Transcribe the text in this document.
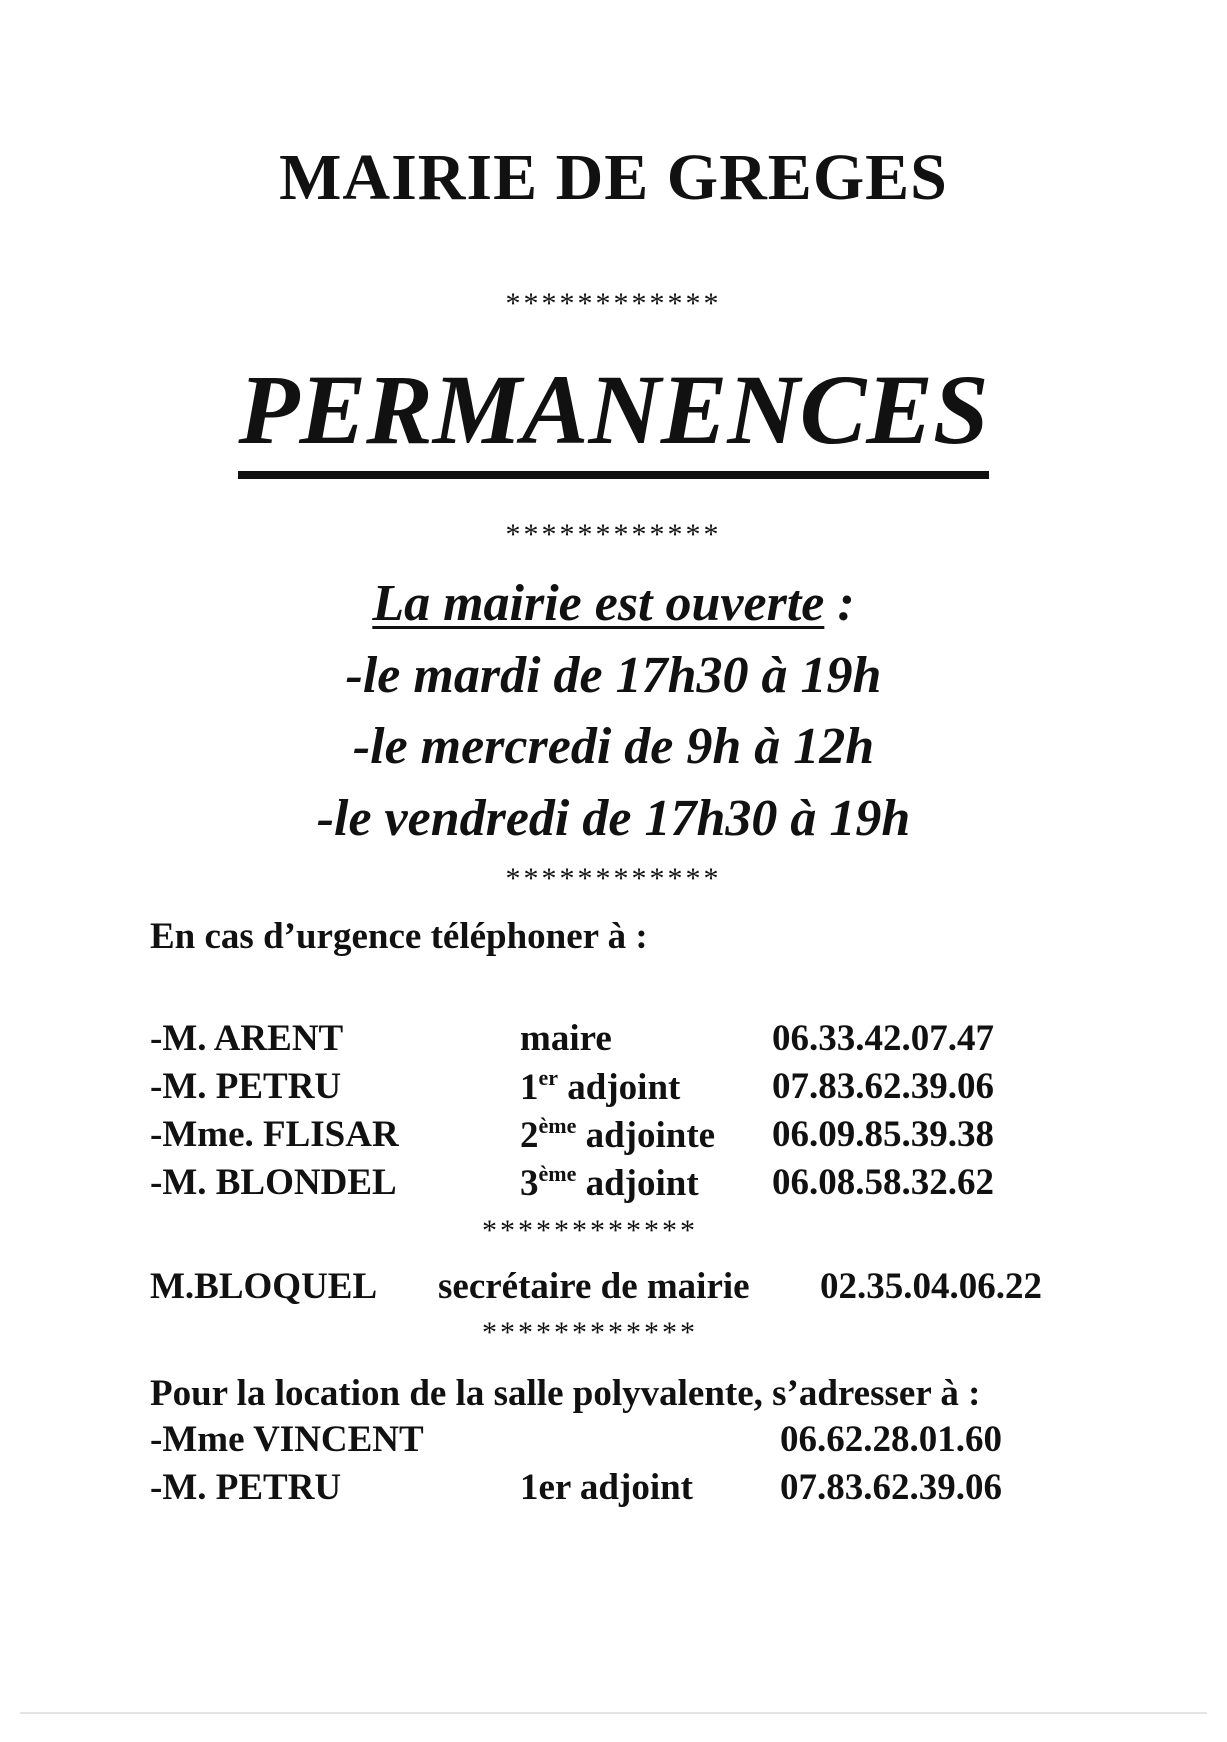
MAIRIE DE GREGES
************
PERMANENCES
************
La mairie est ouverte :
-le mardi de 17h30 à 19h
-le mercredi de 9h à 12h
-le vendredi de 17h30 à 19h
************
En cas d’urgence téléphoner à :
-M. ARENT	maire	06.33.42.07.47
-M. PETRU	1er adjoint 07.83.62.39.06
-Mme. FLISAR	2ème adjointe 06.09.85.39.38
-M. BLONDEL	3ème adjoint 06.08.58.32.62
************
M.BLOQUEL secrétaire de mairie 02.35.04.06.22
************
Pour la location de la salle polyvalente, s’adresser à :
-Mme VINCENT	06.62.28.01.60
-M. PETRU	1er adjoint 07.83.62.39.06
